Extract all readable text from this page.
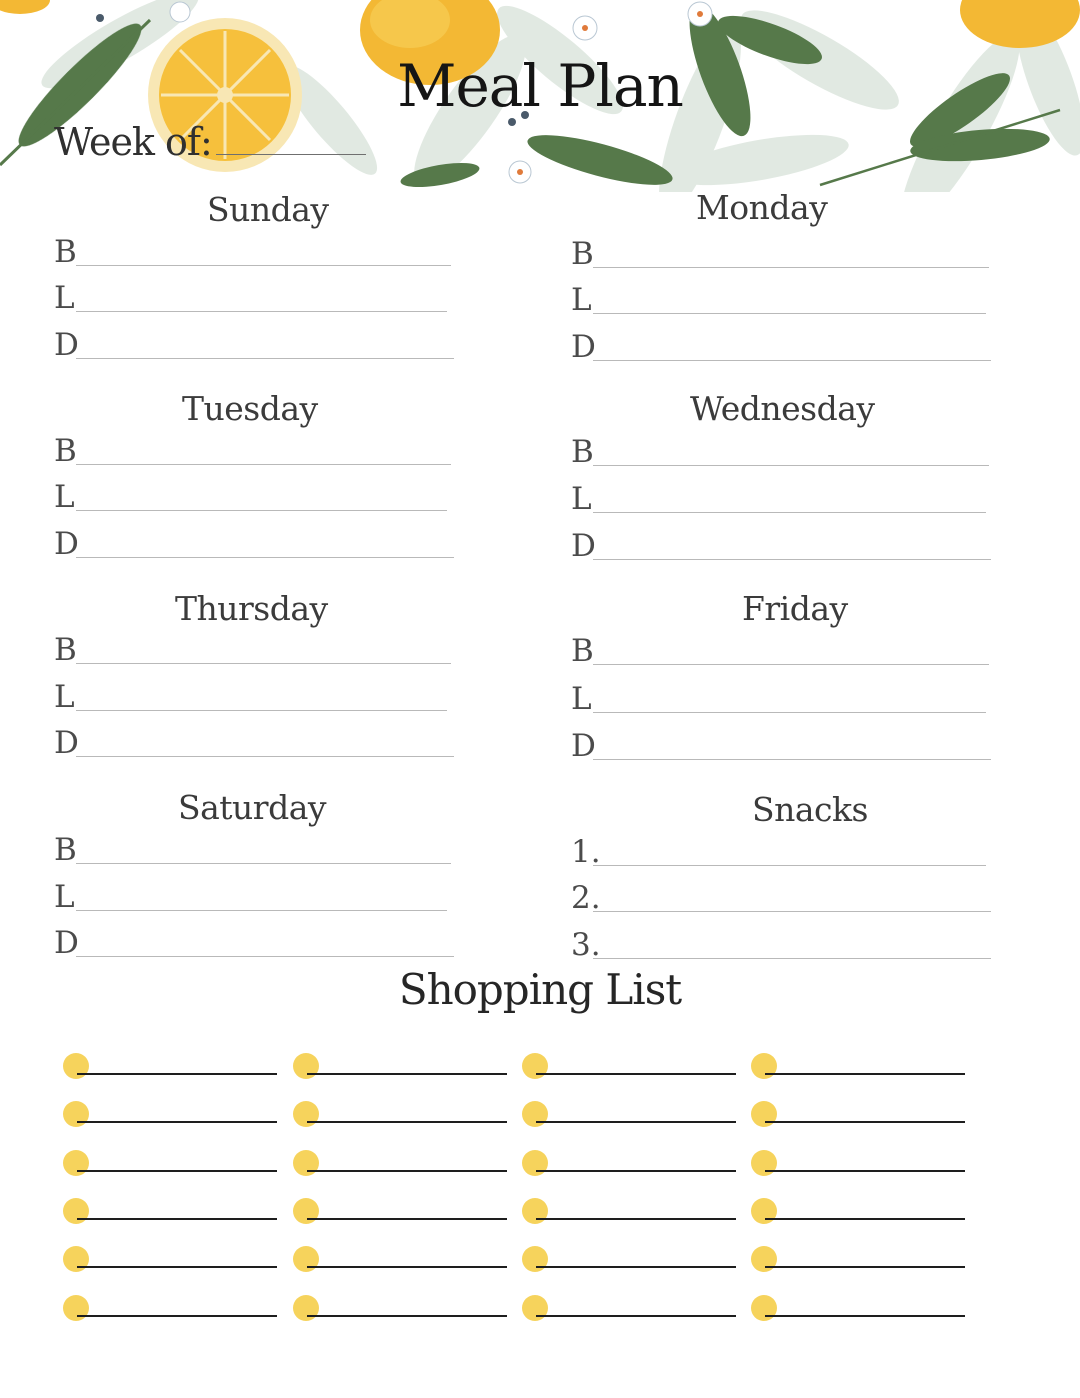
Meal Plan
Week of:
Sunday
B
L
D
Monday
B
L
D
Tuesday
B
L
D
Wednesday
B
L
D
Thursday
B
L
D
Friday
B
L
D
Saturday
B
L
D
Snacks
1.
2.
3.
Shopping List
